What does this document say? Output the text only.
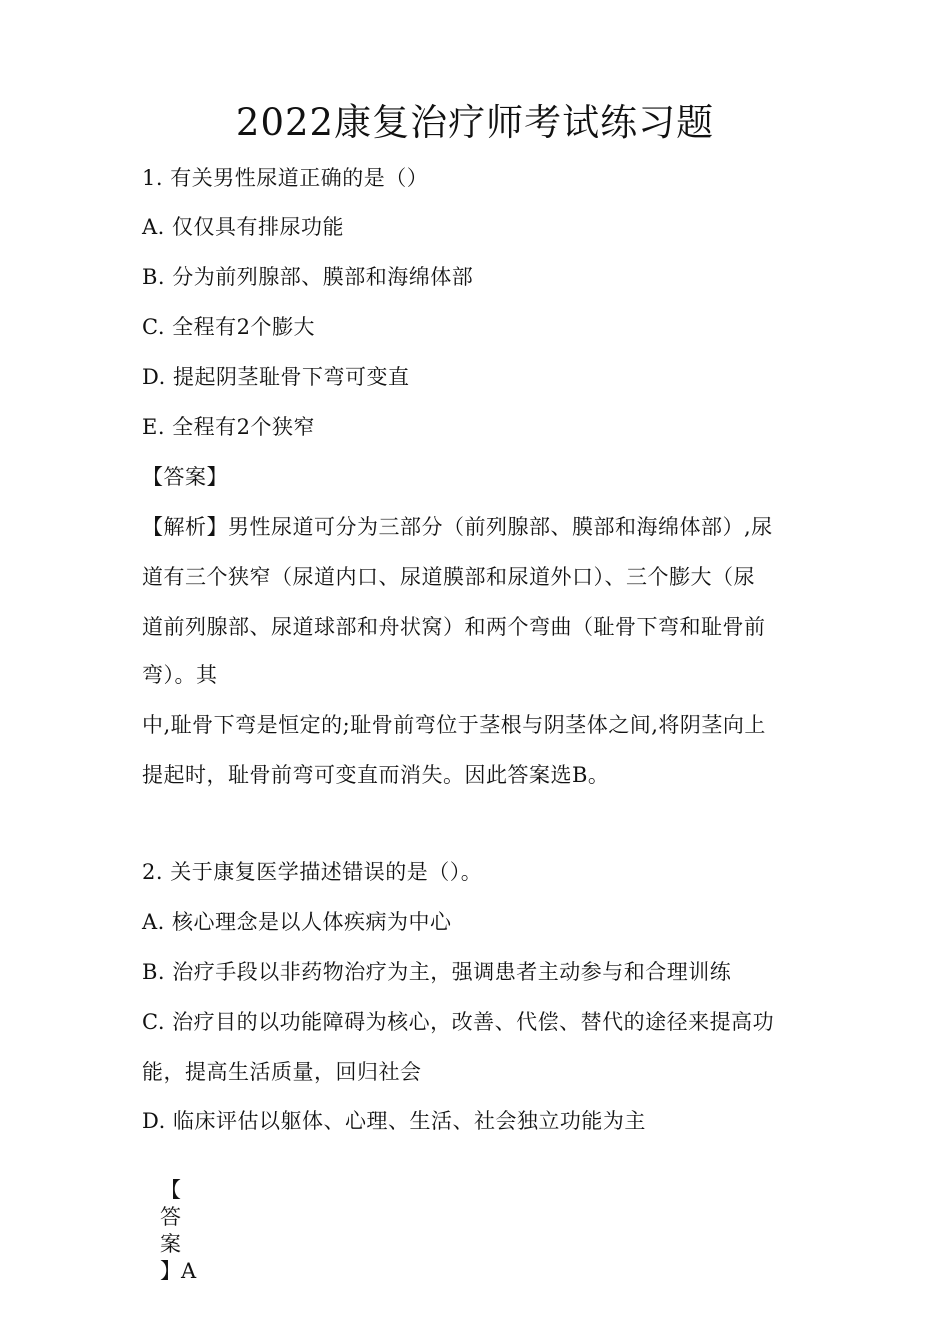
2022康复治疗师考试练习题
1. 有关男性尿道正确的是（）
A. 仅仅具有排尿功能
B. 分为前列腺部、膜部和海绵体部
C. 全程有2个膨大
D. 提起阴茎耻骨下弯可变直
E. 全程有2个狭窄
【答案】
【解析】男性尿道可分为三部分（前列腺部、膜部和海绵体部）,尿
道有三个狭窄（尿道内口、尿道膜部和尿道外口）、三个膨大（尿
道前列腺部、尿道球部和舟状窝）和两个弯曲（耻骨下弯和耻骨前
弯）。其
中,耻骨下弯是恒定的;耻骨前弯位于茎根与阴茎体之间,将阴茎向上
提起时，耻骨前弯可变直而消失。因此答案选B。
2. 关于康复医学描述错误的是（）。
A. 核心理念是以人体疾病为中心
B. 治疗手段以非药物治疗为主，强调患者主动参与和合理训练
C. 治疗目的以功能障碍为核心，改善、代偿、替代的途径来提高功
能，提高生活质量，回归社会
D. 临床评估以躯体、心理、生活、社会独立功能为主
【
答
案
】A
